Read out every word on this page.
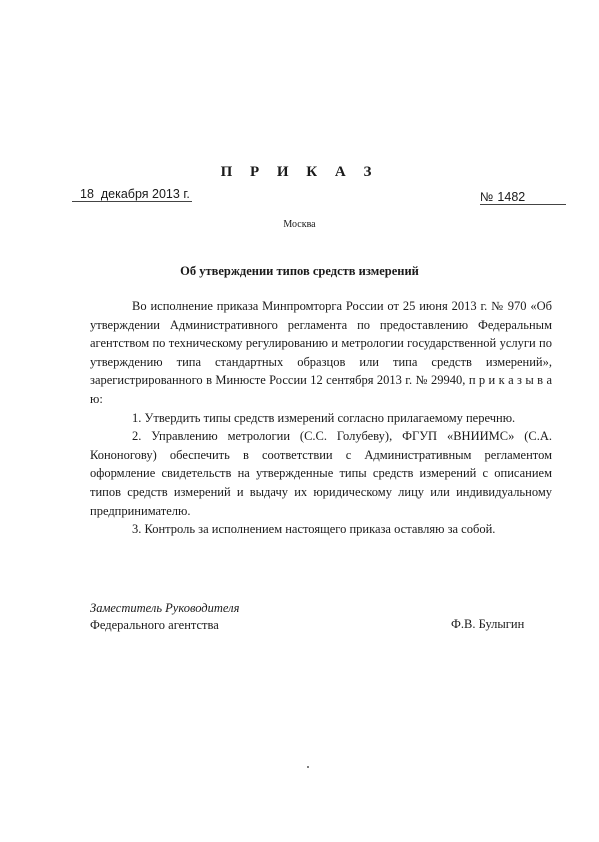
П Р И К А З
18 декабря 2013 г.	№ 1482
Москва
Об утверждении типов средств измерений

Во исполнение приказа Минпромторга России от 25 июня 2013 г. № 970 «Об утверждении Административного регламента по предоставлению Федеральным агентством по техническому регулированию и метрологии государственной услуги по утверждению типа стандартных образцов или типа средств измерений», зарегистрированного в Минюсте России 12 сентября 2013 г. № 29940, п р и к а з ы в а ю:

1. Утвердить типы средств измерений согласно прилагаемому перечню.

2. Управлению метрологии (С.С. Голубеву), ФГУП «ВНИИМС» (С.А. Кононогову) обеспечить в соответствии с Административным регламентом оформление свидетельств на утвержденные типы средств измерений с описанием типов средств измерений и выдачу их юридическому лицу или индивидуальному предпринимателю.

3. Контроль за исполнением настоящего приказа оставляю за собой.

Заместитель Руководителя
Федерального агентства	Ф.В. Булыгин
